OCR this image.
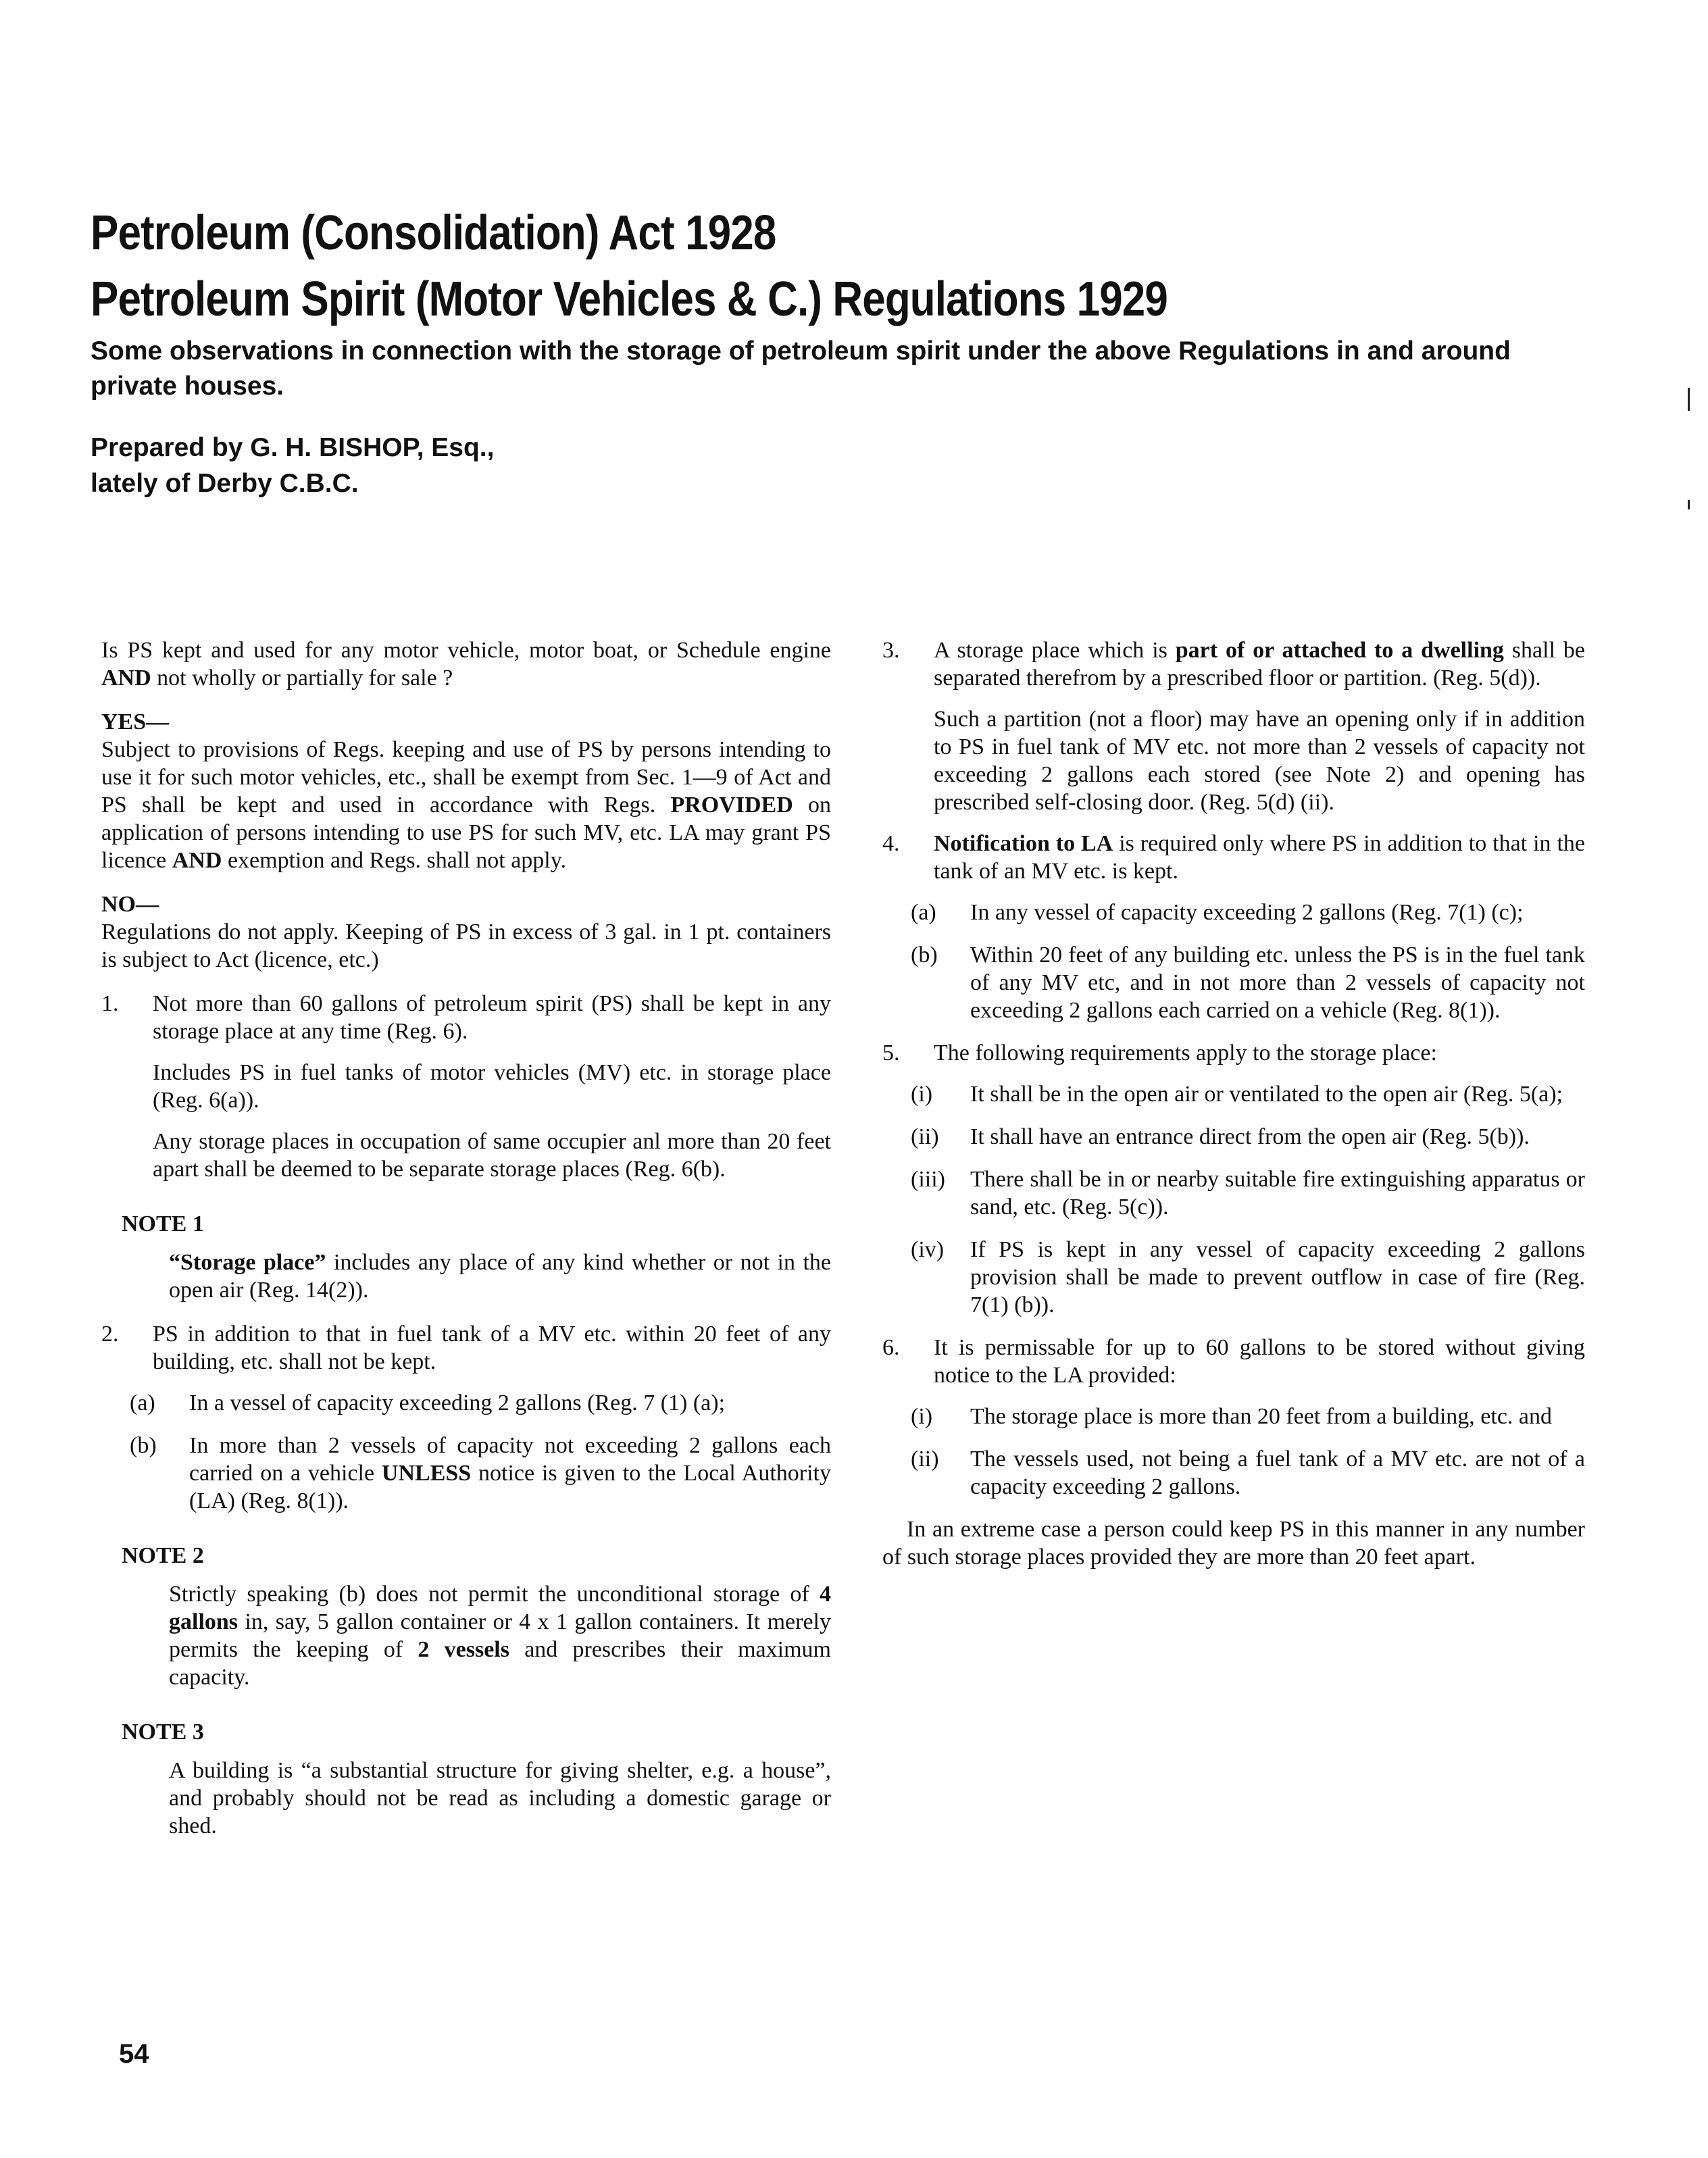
Petroleum (Consolidation) Act 1928
Petroleum Spirit (Motor Vehicles & C.) Regulations 1929
Some observations in connection with the storage of petroleum spirit under the above Regulations in and around private houses.
Prepared by G. H. BISHOP, Esq.,
lately of Derby C.B.C.

Is PS kept and used for any motor vehicle, motor boat, or Schedule engine AND not wholly or partially for sale ?

YES—

Subject to provisions of Regs. keeping and use of PS by persons intending to use it for such motor vehicles, etc., shall be exempt from Sec. 1—9 of Act and PS shall be kept and used in accordance with Regs. PROVIDED on application of persons intending to use PS for such MV, etc. LA may grant PS licence AND exemption and Regs. shall not apply.

NO—

Regulations do not apply. Keeping of PS in excess of 3 gal. in 1 pt. containers is subject to Act (licence, etc.)

1.	Not more than 60 gallons of petroleum spirit (PS) shall be kept in any storage place at any time (Reg. 6).

Includes PS in fuel tanks of motor vehicles (MV) etc. in storage place (Reg. 6(a)).

Any storage places in occupation of same occupier anl more than 20 feet apart shall be deemed to be separate storage places (Reg. 6(b).

NOTE 1

“Storage place” includes any place of any kind whether or not in the open air (Reg. 14(2)).

2.	PS in addition to that in fuel tank of a MV etc. within 20 feet of any building, etc. shall not be kept.
(a)	In a vessel of capacity exceeding 2 gallons (Reg. 7 (1) (a);
(b)	In more than 2 vessels of capacity not exceeding 2 gallons each carried on a vehicle UNLESS notice is given to the Local Authority (LA) (Reg. 8(1)).

NOTE 2

Strictly speaking (b) does not permit the unconditional storage of 4 gallons in, say, 5 gallon container or 4 x 1 gallon containers. It merely permits the keeping of 2 vessels and prescribes their maximum capacity.

NOTE 3

A building is “a substantial structure for giving shelter, e.g. a house”, and probably should not be read as including a domestic garage or shed.

3.	A storage place which is part of or attached to a dwelling shall be separated therefrom by a prescribed floor or partition. (Reg. 5(d)).

Such a partition (not a floor) may have an opening only if in addition to PS in fuel tank of MV etc. not more than 2 vessels of capacity not exceeding 2 gallons each stored (see Note 2) and opening has prescribed self-closing door. (Reg. 5(d) (ii).

4.	Notification to LA is required only where PS in addition to that in the tank of an MV etc. is kept.
(a)	In any vessel of capacity exceeding 2 gallons (Reg. 7(1) (c);
(b)	Within 20 feet of any building etc. unless the PS is in the fuel tank of any MV etc, and in not more than 2 vessels of capacity not exceeding 2 gallons each carried on a vehicle (Reg. 8(1)).
5.	The following requirements apply to the storage place:
(i)	It shall be in the open air or ventilated to the open air (Reg. 5(a);
(ii)	It shall have an entrance direct from the open air (Reg. 5(b)).
(iii)	There shall be in or nearby suitable fire extinguishing apparatus or sand, etc. (Reg. 5(c)).
(iv)	If PS is kept in any vessel of capacity exceeding 2 gallons provision shall be made to prevent outflow in case of fire (Reg. 7(1) (b)).
6.	It is permissable for up to 60 gallons to be stored without giving notice to the LA provided:
(i)	The storage place is more than 20 feet from a building, etc. and
(ii)	The vessels used, not being a fuel tank of a MV etc. are not of a capacity exceeding 2 gallons.

In an extreme case a person could keep PS in this manner in any number of such storage places provided they are more than 20 feet apart.

54
